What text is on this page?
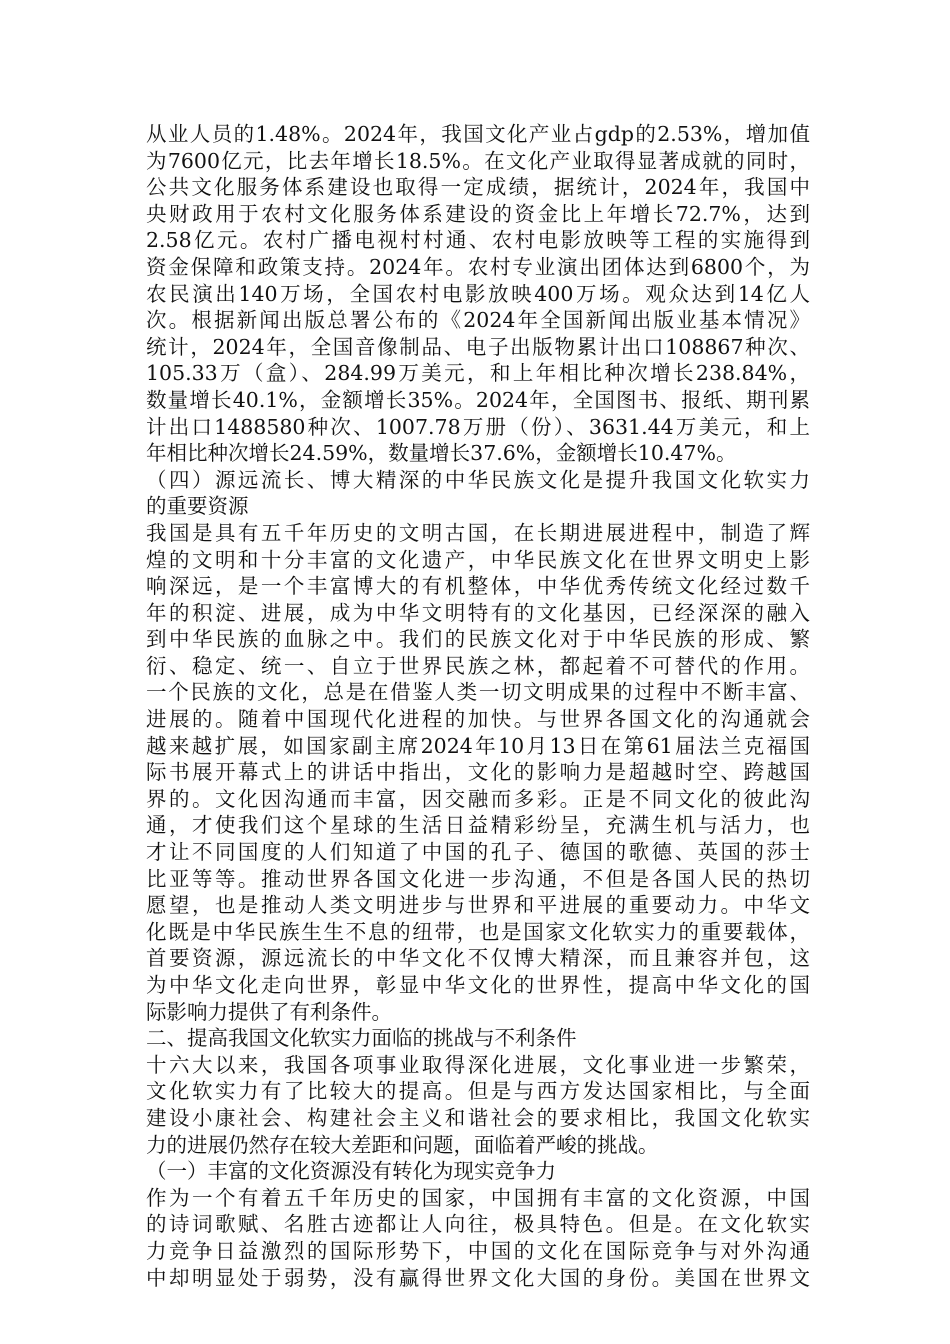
从业人员的1.48%。2024年，我国文化产业占gdp的2.53%，增加值
为7600亿元，比去年增长18.5%。在文化产业取得显著成就的同时，
公共文化服务体系建设也取得一定成绩，据统计，2024年，我国中
央财政用于农村文化服务体系建设的资金比上年增长72.7%，达到
2.58亿元。农村广播电视村村通、农村电影放映等工程的实施得到
资金保障和政策支持。2024年。农村专业演出团体达到6800个，为
农民演出140万场，全国农村电影放映400万场。观众达到14亿人
次。根据新闻出版总署公布的《2024年全国新闻出版业基本情况》
统计，2024年，全国音像制品、电子出版物累计出口108867种次、
105.33万（盒）、284.99万美元，和上年相比种次增长238.84%，
数量增长40.1%，金额增长35%。2024年，全国图书、报纸、期刊累
计出口1488580种次、1007.78万册（份）、3631.44万美元，和上
年相比种次增长24.59%，数量增长37.6%，金额增长10.47%。
（四）源远流长、博大精深的中华民族文化是提升我国文化软实力
的重要资源
我国是具有五千年历史的文明古国，在长期进展进程中，制造了辉
煌的文明和十分丰富的文化遗产，中华民族文化在世界文明史上影
响深远，是一个丰富博大的有机整体，中华优秀传统文化经过数千
年的积淀、进展，成为中华文明特有的文化基因，已经深深的融入
到中华民族的血脉之中。我们的民族文化对于中华民族的形成、繁
衍、稳定、统一、自立于世界民族之林，都起着不可替代的作用。
一个民族的文化，总是在借鉴人类一切文明成果的过程中不断丰富、
进展的。随着中国现代化进程的加快。与世界各国文化的沟通就会
越来越扩展，如国家副主席2024年10月13日在第61届法兰克福国
际书展开幕式上的讲话中指出，文化的影响力是超越时空、跨越国
界的。文化因沟通而丰富，因交融而多彩。正是不同文化的彼此沟
通，才使我们这个星球的生活日益精彩纷呈，充满生机与活力，也
才让不同国度的人们知道了中国的孔子、德国的歌德、英国的莎士
比亚等等。推动世界各国文化进一步沟通，不但是各国人民的热切
愿望，也是推动人类文明进步与世界和平进展的重要动力。中华文
化既是中华民族生生不息的纽带，也是国家文化软实力的重要载体，
首要资源，源远流长的中华文化不仅博大精深，而且兼容并包，这
为中华文化走向世界，彰显中华文化的世界性，提高中华文化的国
际影响力提供了有利条件。
二、提高我国文化软实力面临的挑战与不利条件
十六大以来，我国各项事业取得深化进展，文化事业进一步繁荣，
文化软实力有了比较大的提高。但是与西方发达国家相比，与全面
建设小康社会、构建社会主义和谐社会的要求相比，我国文化软实
力的进展仍然存在较大差距和问题，面临着严峻的挑战。
（一）丰富的文化资源没有转化为现实竞争力
作为一个有着五千年历史的国家，中国拥有丰富的文化资源，中国
的诗词歌赋、名胜古迹都让人向往，极具特色。但是。在文化软实
力竞争日益激烈的国际形势下，中国的文化在国际竞争与对外沟通
中却明显处于弱势，没有赢得世界文化大国的身份。美国在世界文
